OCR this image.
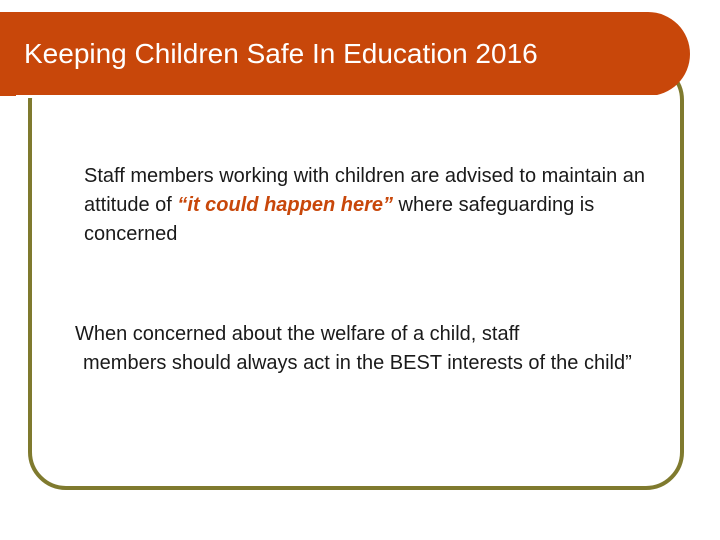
Keeping Children Safe In Education 2016

Staff members working with children are advised to maintain an attitude of “it could happen here” where safeguarding is concerned

When concerned about the welfare of a child, staff
members should always act in the BEST interests of the child”
